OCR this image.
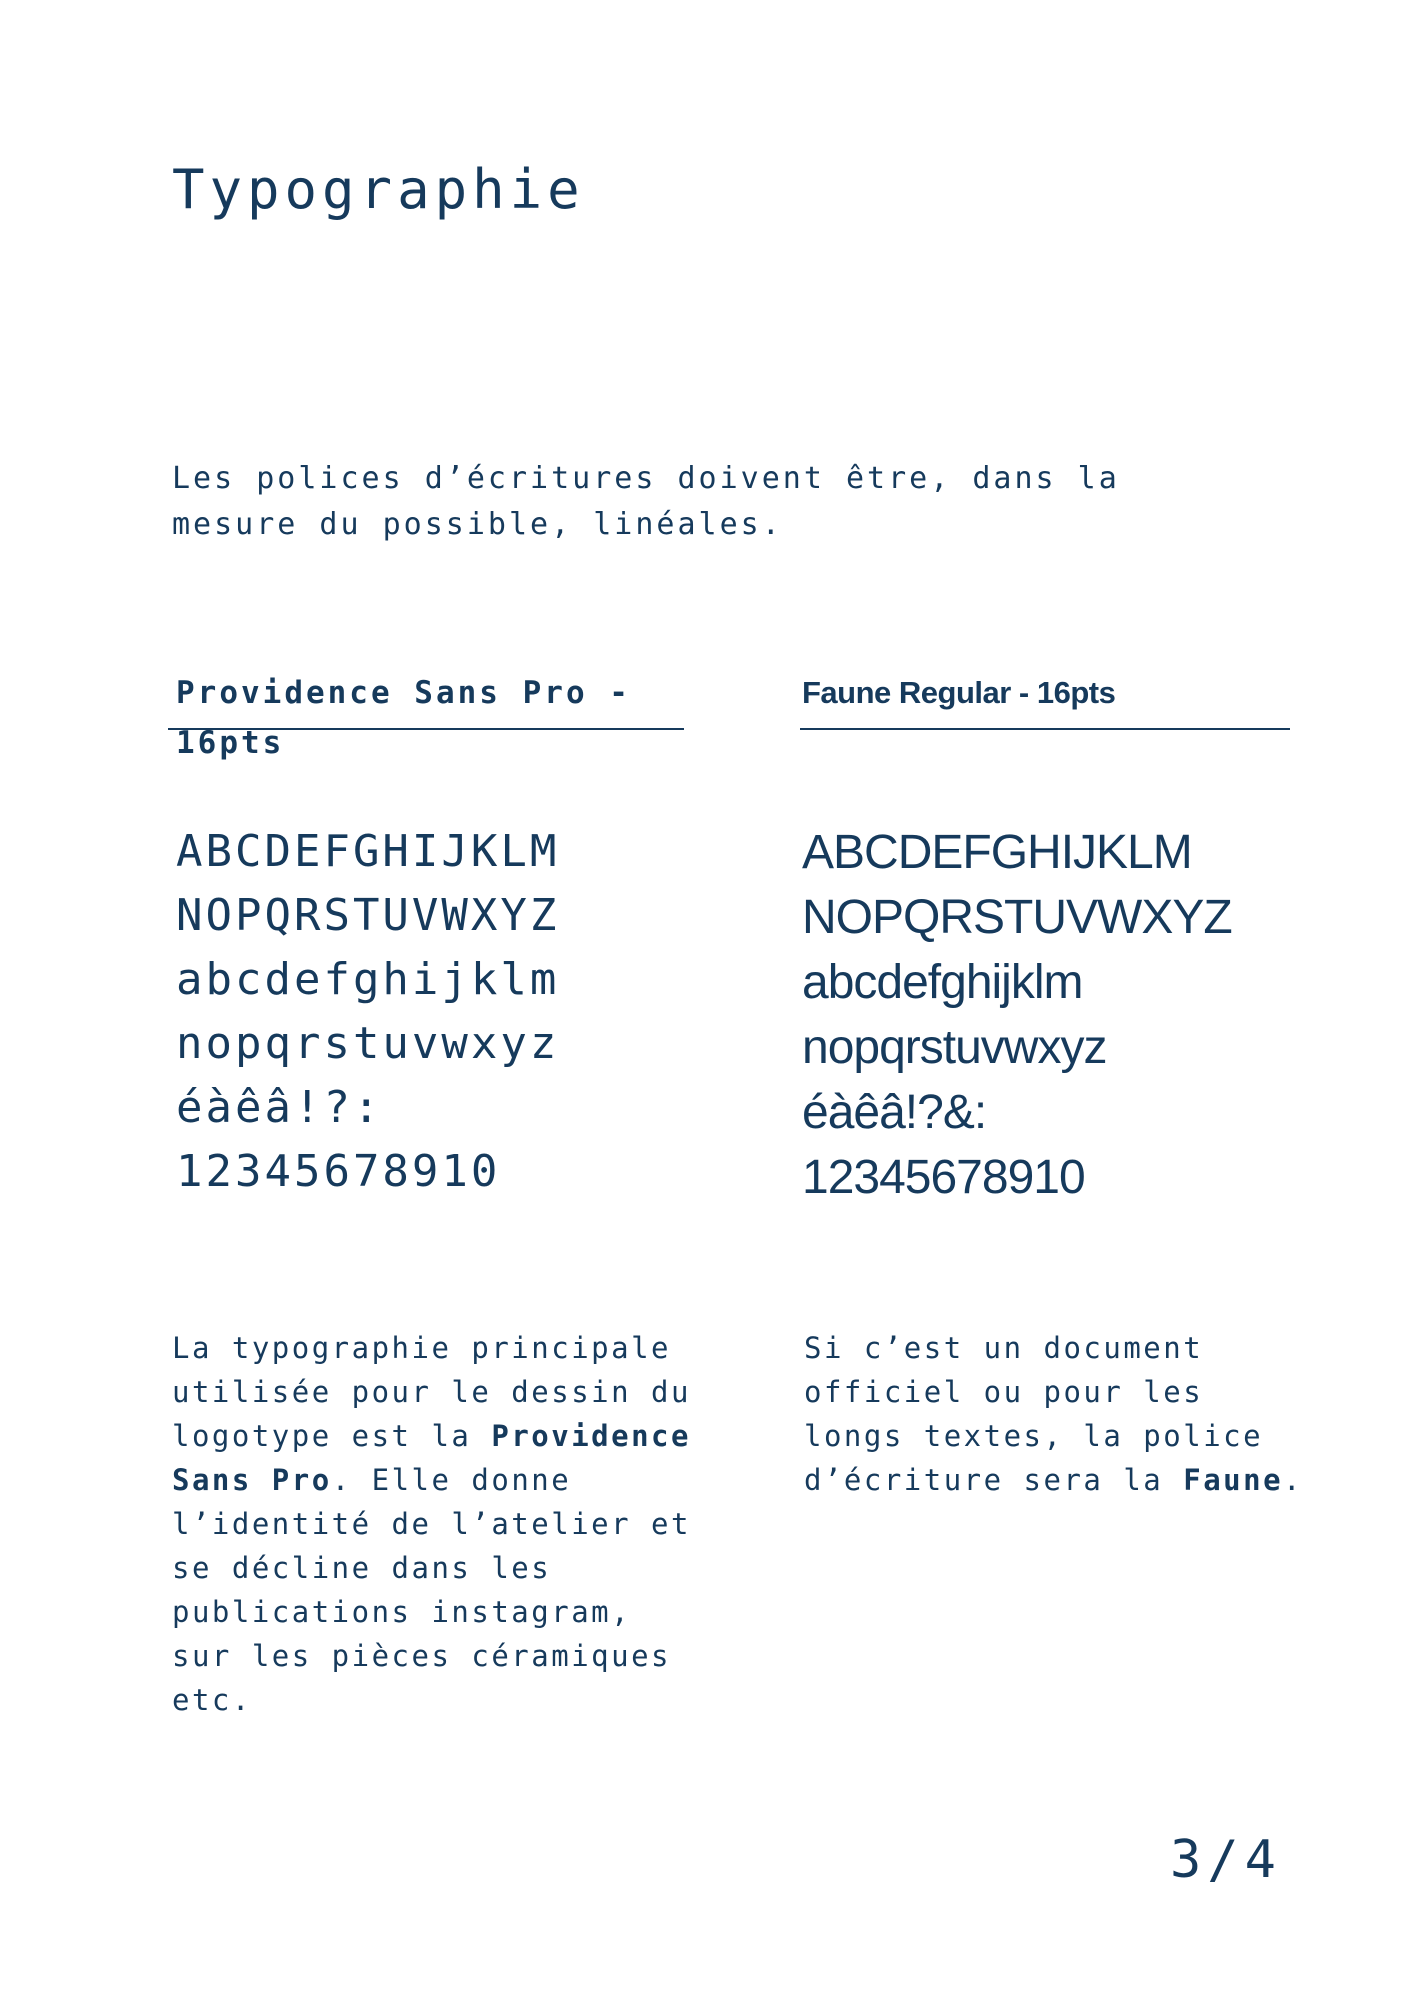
Typographie

Les polices d’écritures doivent être, dans la mesure du possible, linéales.

Providence Sans Pro - 16pts
ABCDEFGHIJKLM
NOPQRSTUVWXYZ
abcdefghijklm
nopqrstuvwxyz
éàêâ!?:
12345678910
Faune Regular - 16pts
ABCDEFGHIJKLM
NOPQRSTUVWXYZ
abcdefghijklm
nopqrstuvwxyz
éàêâ!?&:
12345678910

La typographie principale utilisée pour le dessin du logotype est la Providence Sans Pro. Elle donne l’identité de l’atelier et se décline dans les publications instagram, sur les pièces céramiques etc.

Si c’est un document officiel ou pour les longs textes, la police d’écriture sera la Faune.

3/4
